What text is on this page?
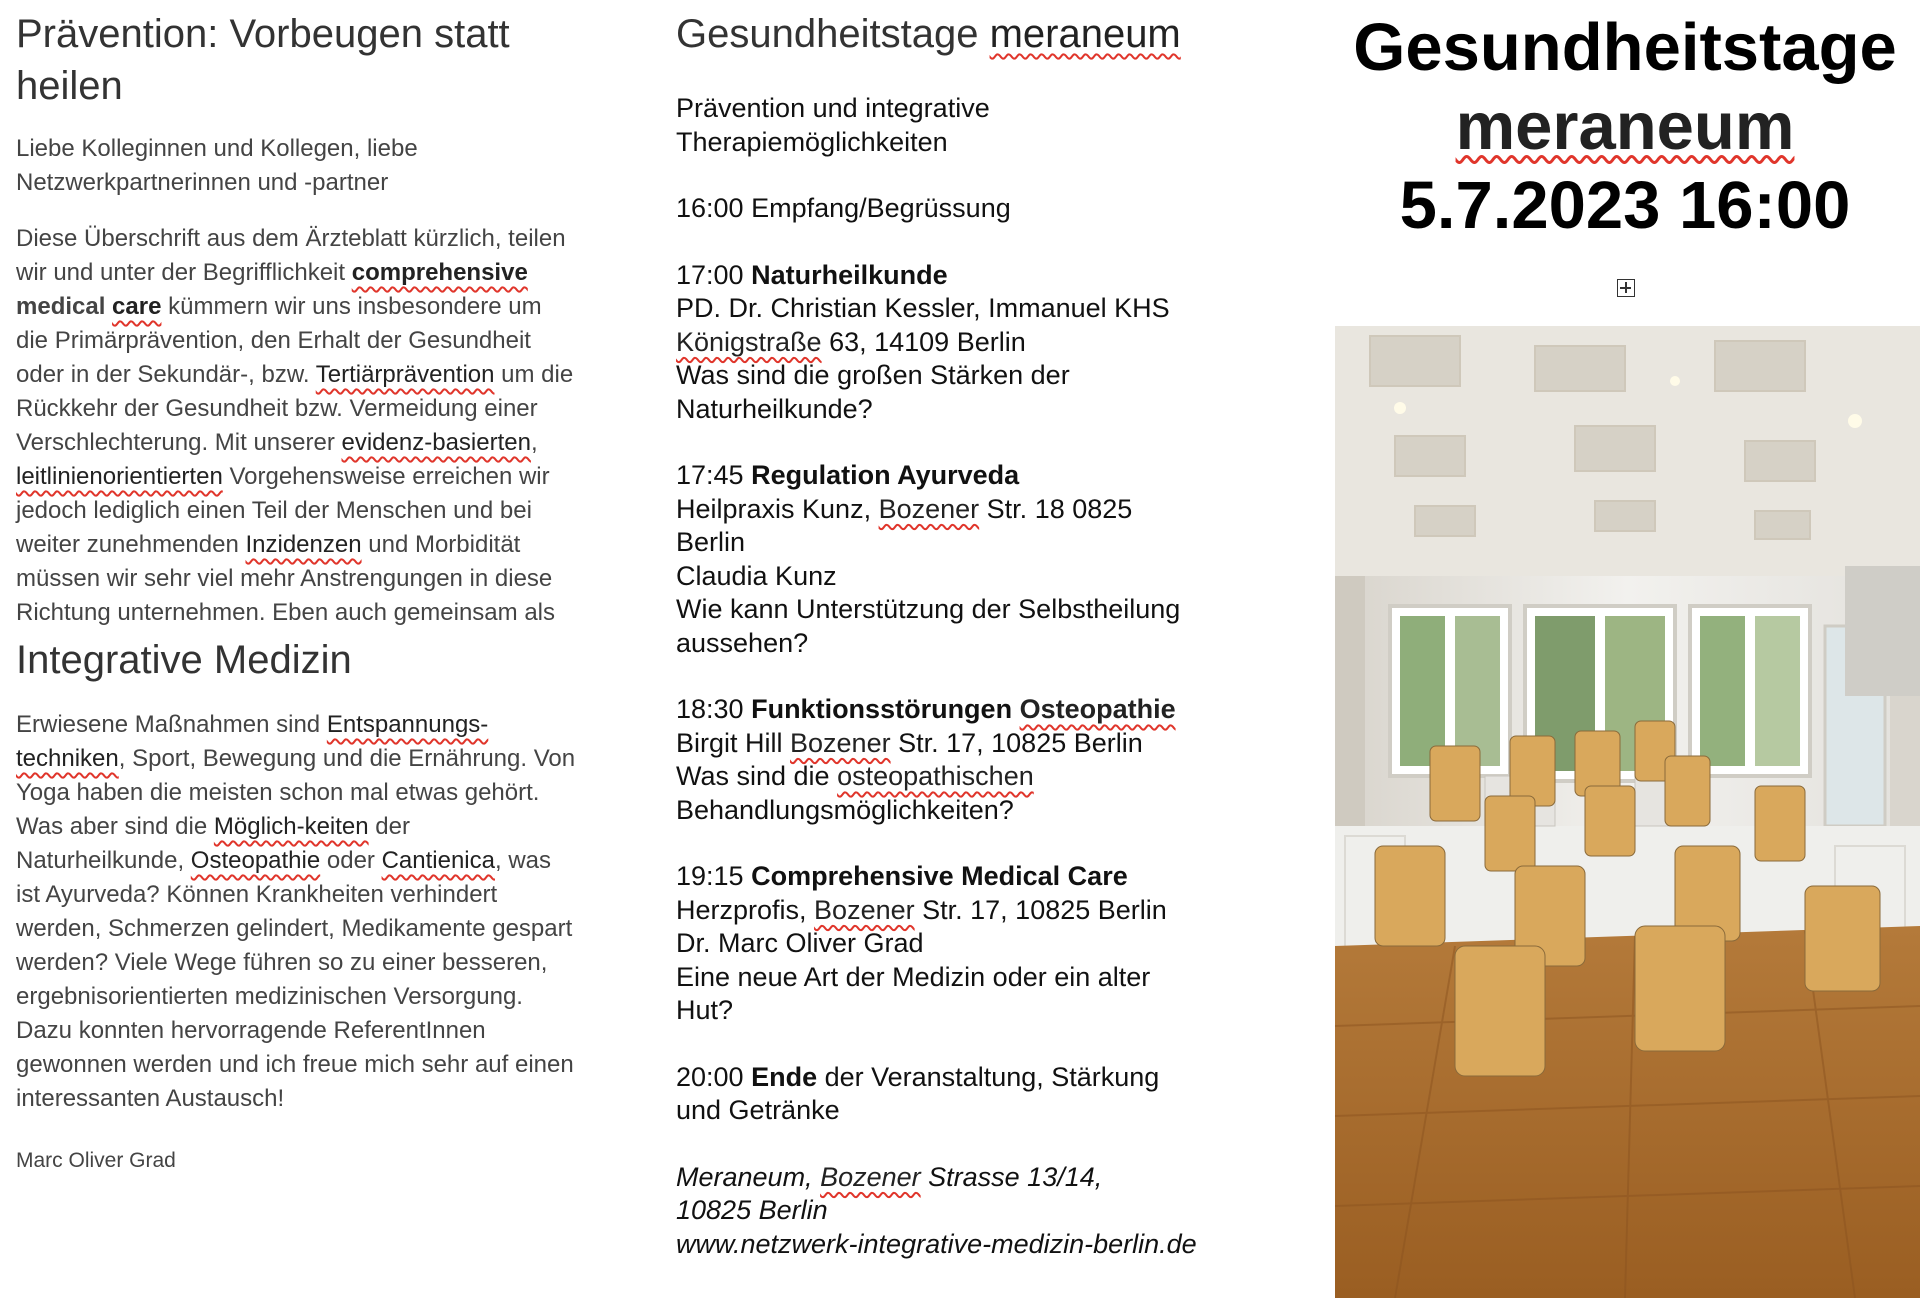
Prävention: Vorbeugen statt heilen

Liebe Kolleginnen und Kollegen, liebe Netzwerkpartnerinnen und -partner

Diese Überschrift aus dem Ärzteblatt kürzlich, teilen wir und unter der Begrifflichkeit comprehensive medical care kümmern wir uns insbesondere um die Primärprävention, den Erhalt der Gesundheit oder in der Sekundär-, bzw. Tertiärprävention um die Rückkehr der Gesundheit bzw. Vermeidung einer Verschlechterung. Mit unserer evidenz-basierten, leitlinienorientierten Vorgehensweise erreichen wir jedoch lediglich einen Teil der Menschen und bei weiter zunehmenden Inzidenzen und Morbidität müssen wir sehr viel mehr Anstrengungen in diese Richtung unternehmen. Eben auch gemeinsam als

Integrative Medizin

Erwiesene Maßnahmen sind Entspannungs-techniken, Sport, Bewegung und die Ernährung. Von Yoga haben die meisten schon mal etwas gehört. Was aber sind die Möglich-keiten der Naturheilkunde, Osteopathie oder Cantienica, was ist Ayurveda? Können Krankheiten verhindert werden, Schmerzen gelindert, Medikamente gespart werden? Viele Wege führen so zu einer besseren, ergebnisorientierten medizinischen Versorgung. Dazu konnten hervorragende ReferentInnen gewonnen werden und ich freue mich sehr auf einen interessanten Austausch!

Marc Oliver Grad

Gesundheitstage meraneum

Prävention und integrative Therapiemöglichkeiten

16:00 Empfang/Begrüssung

17:00 Naturheilkunde

PD. Dr. Christian Kessler, Immanuel KHS

Königstraße 63, 14109 Berlin

Was sind die großen Stärken der Naturheilkunde?

17:45 Regulation Ayurveda

Heilpraxis Kunz, Bozener Str. 18 0825 Berlin

Claudia Kunz

Wie kann Unterstützung der Selbstheilung aussehen?

18:30 Funktionsstörungen Osteopathie

Birgit Hill Bozener Str. 17, 10825 Berlin

Was sind die osteopathischen

Behandlungsmöglichkeiten?

19:15 Comprehensive Medical Care

Herzprofis, Bozener Str. 17, 10825 Berlin

Dr. Marc Oliver Grad

Eine neue Art der Medizin oder ein alter Hut?

20:00 Ende der Veranstaltung, Stärkung und Getränke

Meraneum, Bozener Strasse 13/14,

10825 Berlin

www.netzwerk-integrative-medizin-berlin.de

Gesundheitstage
meraneum
5.7.2023 16:00
